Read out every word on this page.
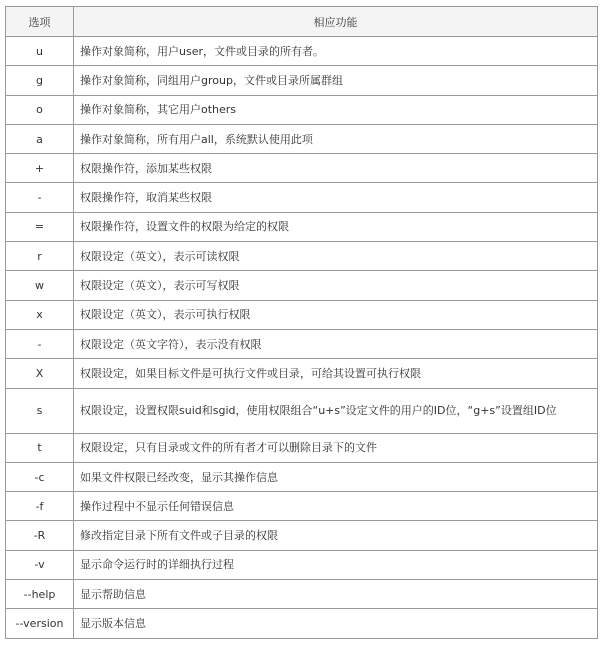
选项	相应功能
u	操作对象简称，用户user，文件或目录的所有者。
g	操作对象简称，同组用户group，文件或目录所属群组
o	操作对象简称，其它用户others
a	操作对象简称，所有用户all，系统默认使用此项
+	权限操作符，添加某些权限
-	权限操作符，取消某些权限
=	权限操作符，设置文件的权限为给定的权限
r	权限设定（英文），表示可读权限
w	权限设定（英文），表示可写权限
x	权限设定（英文），表示可执行权限
-	权限设定（英文字符），表示没有权限
X	权限设定，如果目标文件是可执行文件或目录，可给其设置可执行权限
s	权限设定，设置权限suid和sgid，使用权限组合“u+s”设定文件的用户的ID位，“g+s”设置组ID位
t	权限设定，只有目录或文件的所有者才可以删除目录下的文件
-c	如果文件权限已经改变，显示其操作信息
-f	操作过程中不显示任何错误信息
-R	修改指定目录下所有文件或子目录的权限
-v	显示命令运行时的详细执行过程
--help	显示帮助信息
--version	显示版本信息
